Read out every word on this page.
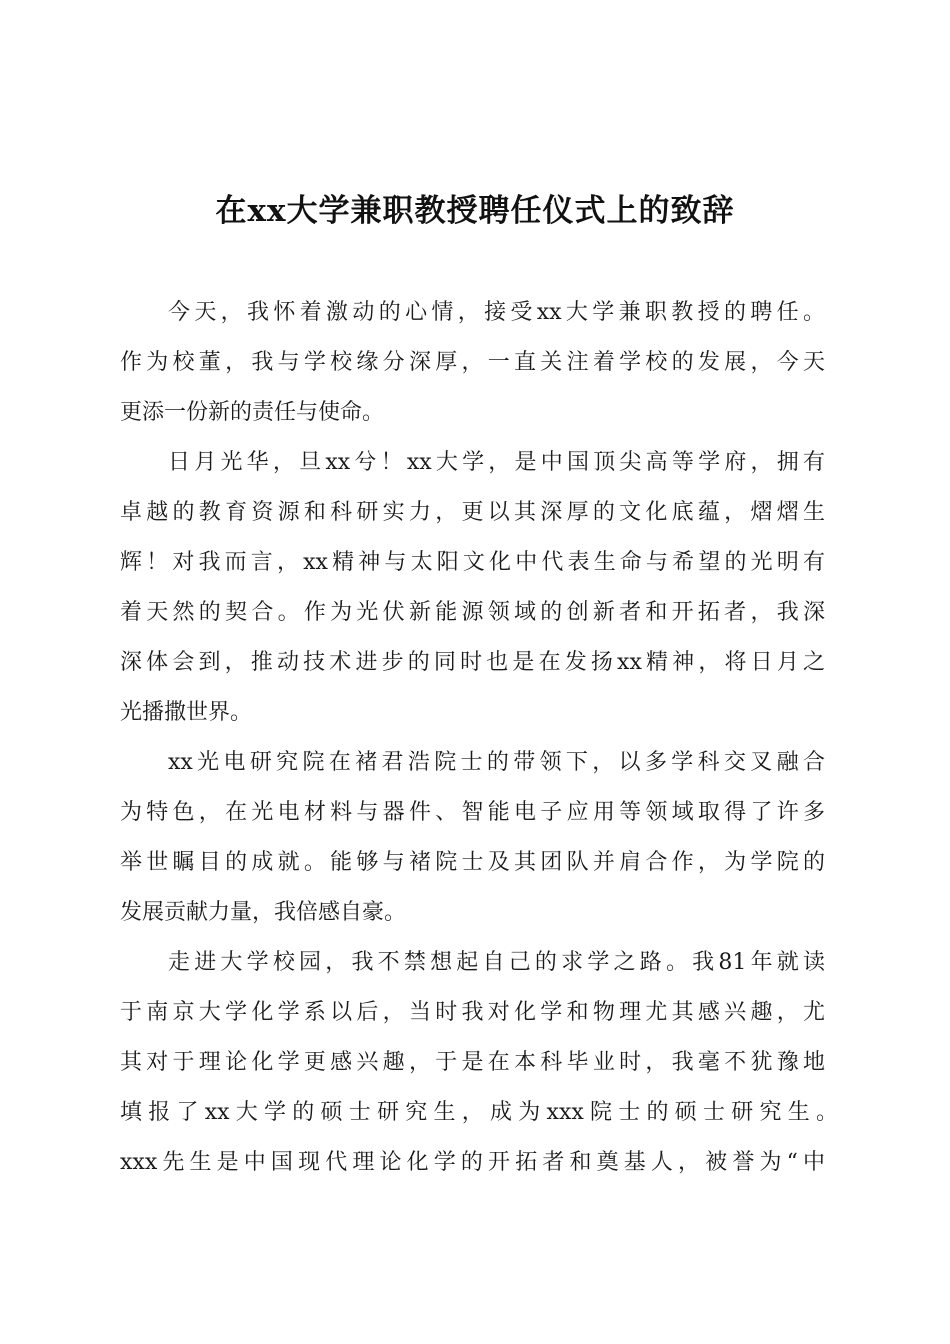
在xx大学兼职教授聘任仪式上的致辞
今天，我怀着激动的心情，接受xx大学兼职教授的聘任。
作为校董，我与学校缘分深厚，一直关注着学校的发展，今天
更添一份新的责任与使命。
日月光华，旦xx兮！xx大学，是中国顶尖高等学府，拥有
卓越的教育资源和科研实力，更以其深厚的文化底蕴，熠熠生
辉！对我而言，xx精神与太阳文化中代表生命与希望的光明有
着天然的契合。作为光伏新能源领域的创新者和开拓者，我深
深体会到，推动技术进步的同时也是在发扬xx精神，将日月之
光播撒世界。
xx光电研究院在褚君浩院士的带领下，以多学科交叉融合
为特色，在光电材料与器件、智能电子应用等领域取得了许多
举世瞩目的成就。能够与褚院士及其团队并肩合作，为学院的
发展贡献力量，我倍感自豪。
走进大学校园，我不禁想起自己的求学之路。我81年就读
于南京大学化学系以后，当时我对化学和物理尤其感兴趣，尤
其对于理论化学更感兴趣，于是在本科毕业时，我毫不犹豫地
填报了xx大学的硕士研究生，成为xxx院士的硕士研究生。
xxx先生是中国现代理论化学的开拓者和奠基人，被誉为“中
